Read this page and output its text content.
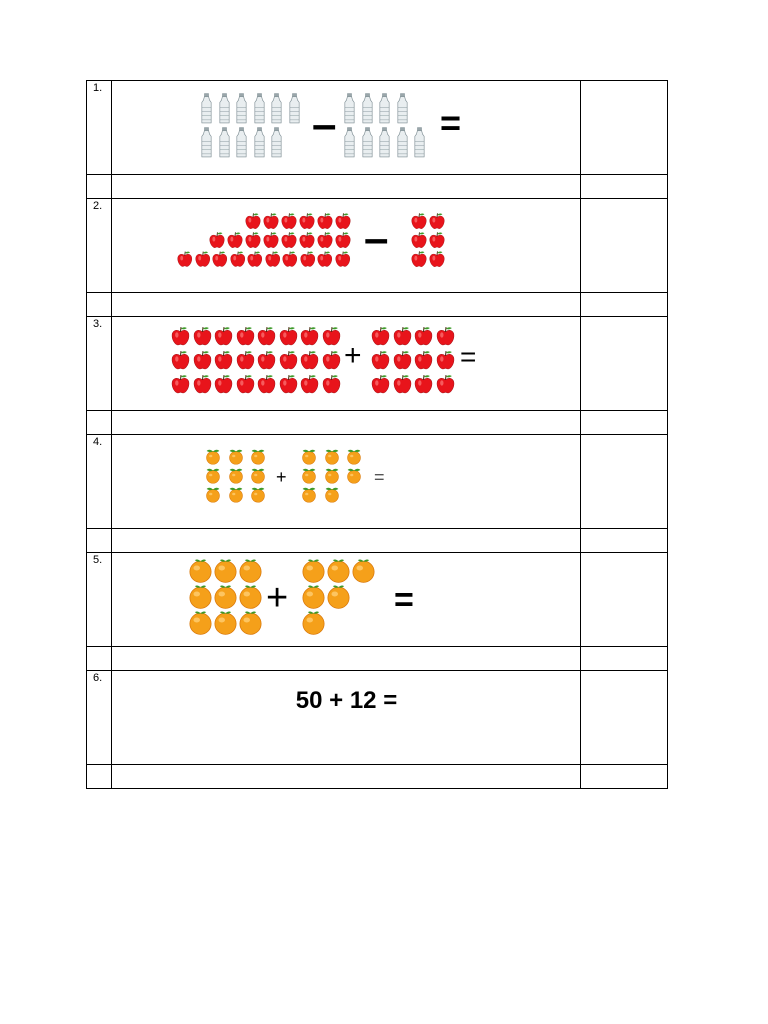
1.	– =	

2.	–	

3.	+ =	

4.	+ =	

5.	+ =	

6.	50 + 12 =	
